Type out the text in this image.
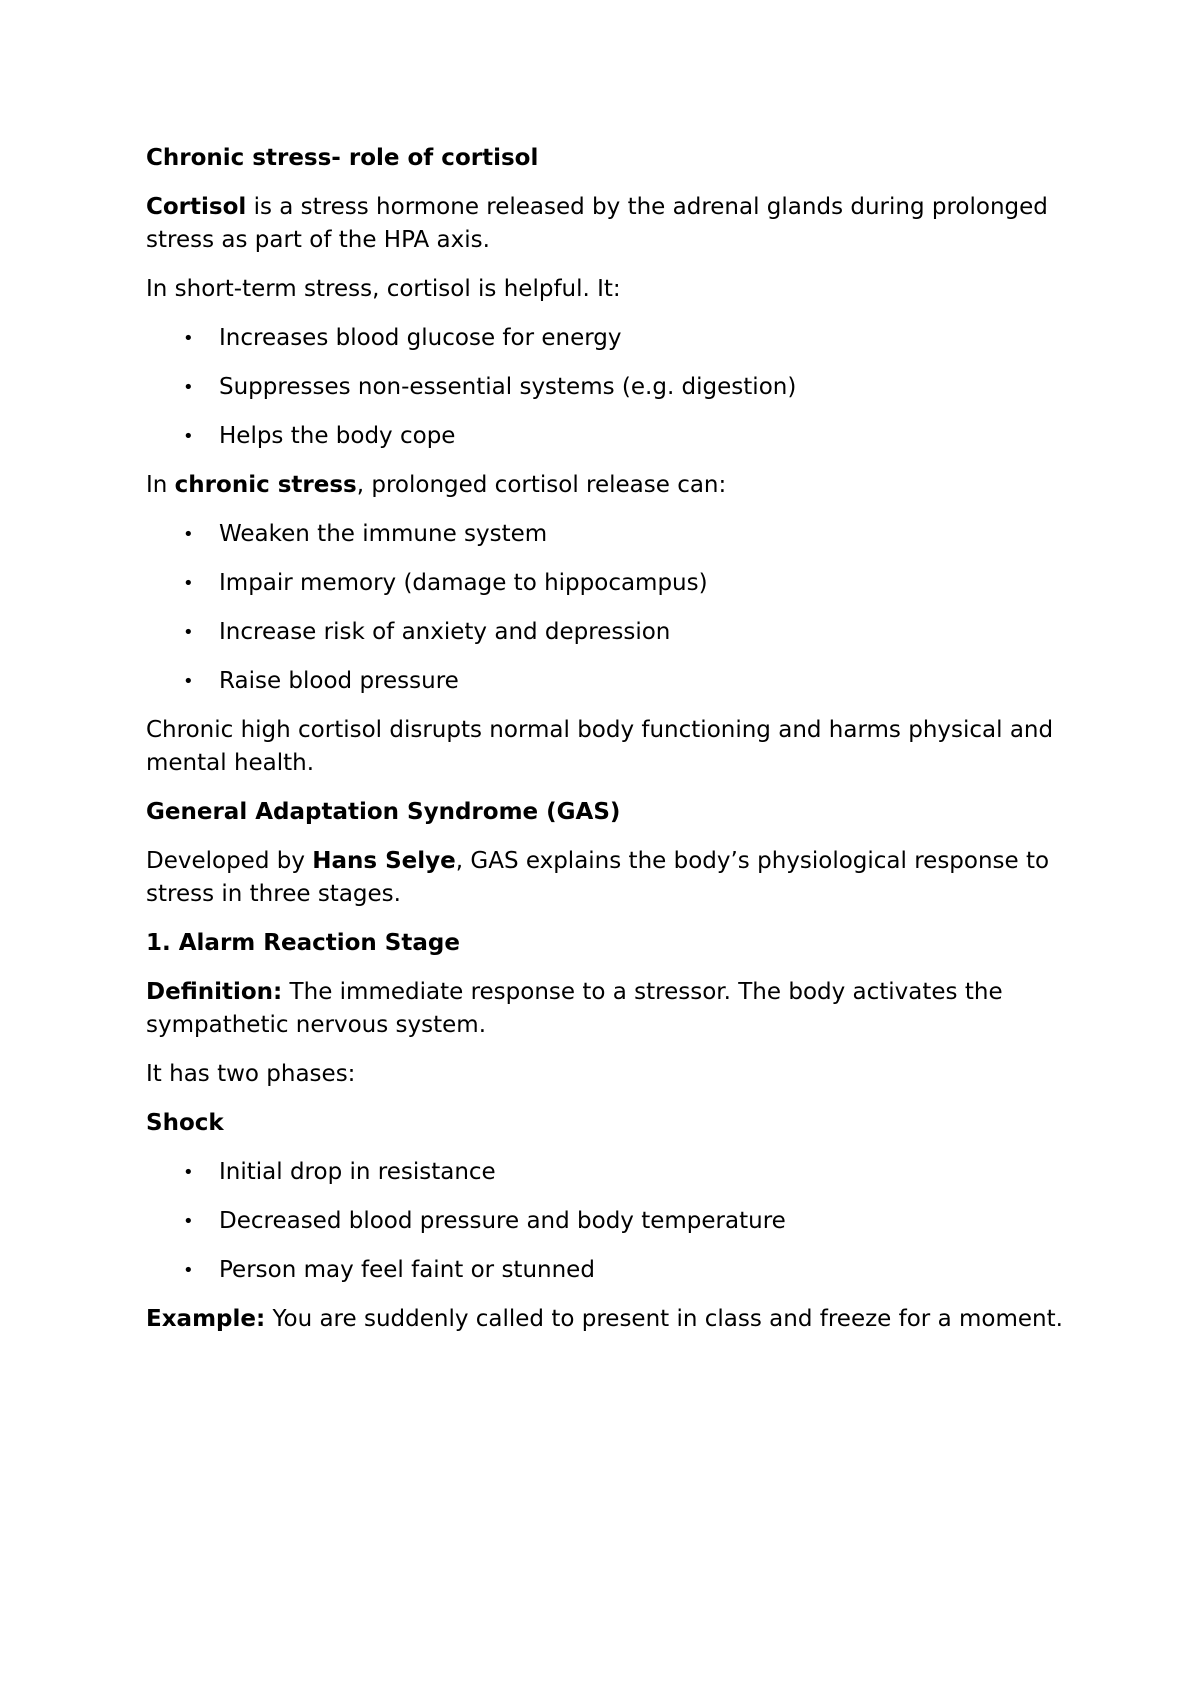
Chronic stress- role of cortisol

Cortisol is a stress hormone released by the adrenal glands during prolonged stress as part of the HPA axis.

In short-term stress, cortisol is helpful. It:

• Increases blood glucose for energy
• Suppresses non-essential systems (e.g. digestion)
• Helps the body cope

In chronic stress, prolonged cortisol release can:

• Weaken the immune system
• Impair memory (damage to hippocampus)
• Increase risk of anxiety and depression
• Raise blood pressure

Chronic high cortisol disrupts normal body functioning and harms physical and mental health.

General Adaptation Syndrome (GAS)

Developed by Hans Selye, GAS explains the body’s physiological response to stress in three stages.

1. Alarm Reaction Stage

Definition: The immediate response to a stressor. The body activates the sympathetic nervous system.

It has two phases:

Shock

• Initial drop in resistance
• Decreased blood pressure and body temperature
• Person may feel faint or stunned

Example: You are suddenly called to present in class and freeze for a moment.
